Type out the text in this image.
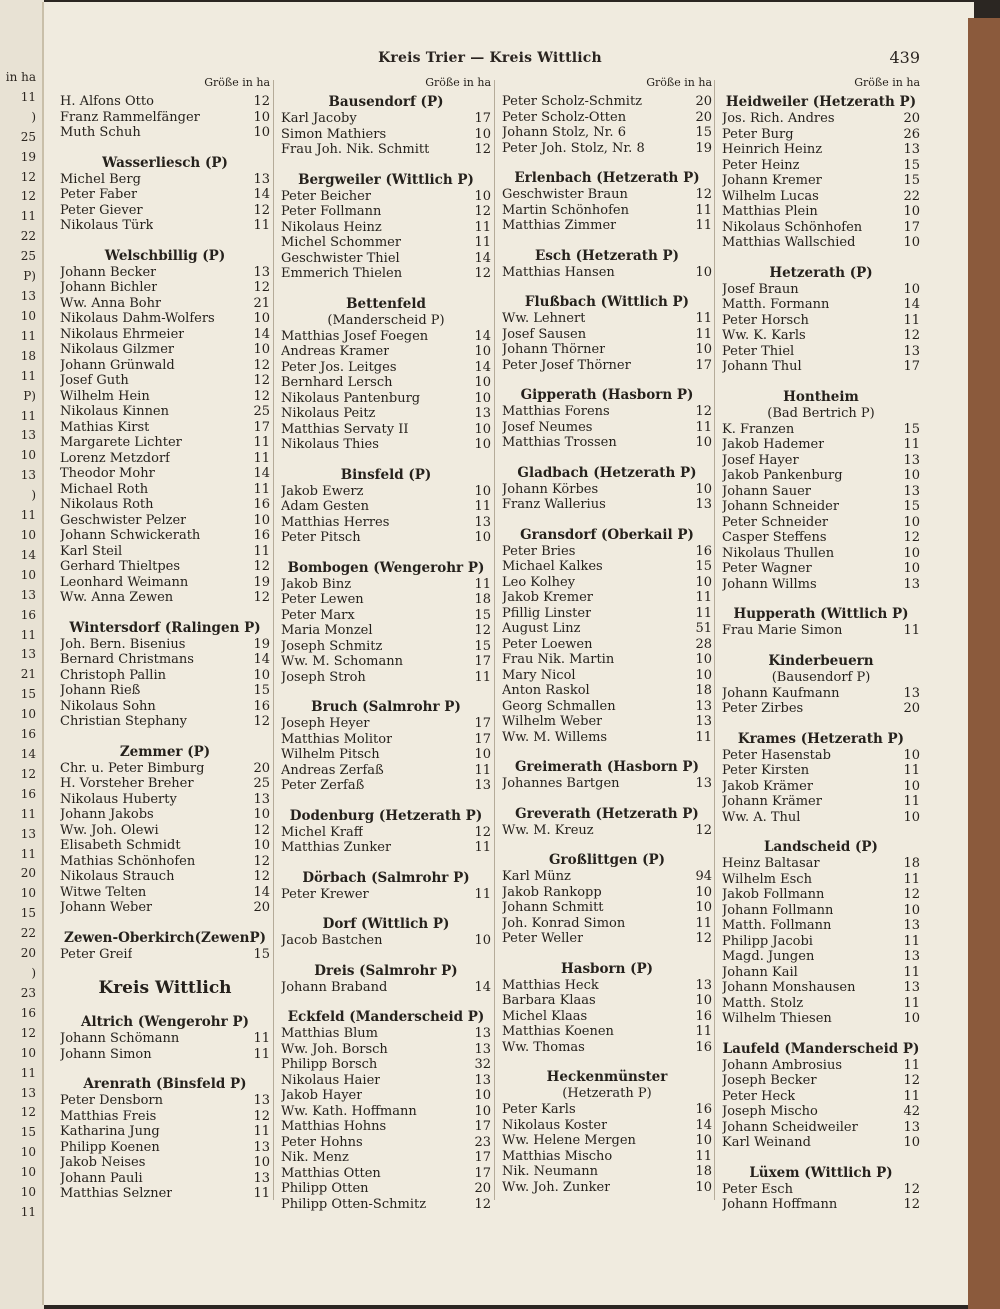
in ha
11
)
25
19
12
12
11
22
25
P)
13
10
11
18
11
P)
11
13
10
13
)
11
10
14
10
13
16
11
13
21
15
10
16
14
12
16
11
13
11
20
10
15
22
20
)
23
16
12
10
11
13
12
15
10
10
10
11
Kreis Trier — Kreis Wittlich	439
Größe in ha
H. Alfons Otto	12
Franz Rammelfänger	10
Muth Schuh	10
Wasserliesch (P)
Michel Berg	13
Peter Faber	14
Peter Giever	12
Nikolaus Türk	11
Welschbillig (P)
Johann Becker	13
Johann Bichler	12
Ww. Anna Bohr	21
Nikolaus Dahm-Wolfers	10
Nikolaus Ehrmeier	14
Nikolaus Gilzmer	10
Johann Grünwald	12
Josef Guth	12
Wilhelm Hein	12
Nikolaus Kinnen	25
Mathias Kirst	17
Margarete Lichter	11
Lorenz Metzdorf	11
Theodor Mohr	14
Michael Roth	11
Nikolaus Roth	16
Geschwister Pelzer	10
Johann Schwickerath	16
Karl Steil	11
Gerhard Thieltpes	12
Leonhard Weimann	19
Ww. Anna Zewen	12
Wintersdorf (Ralingen P)
Joh. Bern. Bisenius	19
Bernard Christmans	14
Christoph Pallin	10
Johann Rieß	15
Nikolaus Sohn	16
Christian Stephany	12
Zemmer (P)
Chr. u. Peter Bimburg	20
H. Vorsteher Breher	25
Nikolaus Huberty	13
Johann Jakobs	10
Ww. Joh. Olewi	12
Elisabeth Schmidt	10
Mathias Schönhofen	12
Nikolaus Strauch	12
Witwe Telten	14
Johann Weber	20
Zewen-Oberkirch(ZewenP)
Peter Greif	15
Kreis Wittlich
Altrich (Wengerohr P)
Johann Schömann	11
Johann Simon	11
Arenrath (Binsfeld P)
Peter Densborn	13
Matthias Freis	12
Katharina Jung	11
Philipp Koenen	13
Jakob Neises	10
Johann Pauli	13
Matthias Selzner	11
Größe in ha
Bausendorf (P)
Karl Jacoby	17
Simon Mathiers	10
Frau Joh. Nik. Schmitt	12
Bergweiler (Wittlich P)
Peter Beicher	10
Peter Follmann	12
Nikolaus Heinz	11
Michel Schommer	11
Geschwister Thiel	14
Emmerich Thielen	12
Bettenfeld
(Manderscheid P)
Matthias Josef Foegen	14
Andreas Kramer	10
Peter Jos. Leitges	14
Bernhard Lersch	10
Nikolaus Pantenburg	10
Nikolaus Peitz	13
Matthias Servaty II	10
Nikolaus Thies	10
Binsfeld (P)
Jakob Ewerz	10
Adam Gesten	11
Matthias Herres	13
Peter Pitsch	10
Bombogen (Wengerohr P)
Jakob Binz	11
Peter Lewen	18
Peter Marx	15
Maria Monzel	12
Joseph Schmitz	15
Ww. M. Schomann	17
Joseph Stroh	11
Bruch (Salmrohr P)
Joseph Heyer	17
Matthias Molitor	17
Wilhelm Pitsch	10
Andreas Zerfaß	11
Peter Zerfaß	13
Dodenburg (Hetzerath P)
Michel Kraff	12
Matthias Zunker	11
Dörbach (Salmrohr P)
Peter Krewer	11
Dorf (Wittlich P)
Jacob Bastchen	10
Dreis (Salmrohr P)
Johann Braband	14
Eckfeld (Manderscheid P)
Matthias Blum	13
Ww. Joh. Borsch	13
Philipp Borsch	32
Nikolaus Haier	13
Jakob Hayer	10
Ww. Kath. Hoffmann	10
Matthias Hohns	17
Peter Hohns	23
Nik. Menz	17
Matthias Otten	17
Philipp Otten	20
Philipp Otten-Schmitz	12
Größe in ha
Peter Scholz-Schmitz	20
Peter Scholz-Otten	20
Johann Stolz, Nr. 6	15
Peter Joh. Stolz, Nr. 8	19
Erlenbach (Hetzerath P)
Geschwister Braun	12
Martin Schönhofen	11
Matthias Zimmer	11
Esch (Hetzerath P)
Matthias Hansen	10
Flußbach (Wittlich P)
Ww. Lehnert	11
Josef Sausen	11
Johann Thörner	10
Peter Josef Thörner	17
Gipperath (Hasborn P)
Matthias Forens	12
Josef Neumes	11
Matthias Trossen	10
Gladbach (Hetzerath P)
Johann Körbes	10
Franz Wallerius	13
Gransdorf (Oberkail P)
Peter Bries	16
Michael Kalkes	15
Leo Kolhey	10
Jakob Kremer	11
Pfillig Linster	11
August Linz	51
Peter Loewen	28
Frau Nik. Martin	10
Mary Nicol	10
Anton Raskol	18
Georg Schmallen	13
Wilhelm Weber	13
Ww. M. Willems	11
Greimerath (Hasborn P)
Johannes Bartgen	13
Greverath (Hetzerath P)
Ww. M. Kreuz	12
Großlittgen (P)
Karl Münz	94
Jakob Rankopp	10
Johann Schmitt	10
Joh. Konrad Simon	11
Peter Weller	12
Hasborn (P)
Matthias Heck	13
Barbara Klaas	10
Michel Klaas	16
Matthias Koenen	11
Ww. Thomas	16
Heckenmünster
(Hetzerath P)
Peter Karls	16
Nikolaus Koster	14
Ww. Helene Mergen	10
Matthias Mischo	11
Nik. Neumann	18
Ww. Joh. Zunker	10
Größe in ha
Heidweiler (Hetzerath P)
Jos. Rich. Andres	20
Peter Burg	26
Heinrich Heinz	13
Peter Heinz	15
Johann Kremer	15
Wilhelm Lucas	22
Matthias Plein	10
Nikolaus Schönhofen	17
Matthias Wallschied	10
Hetzerath (P)
Josef Braun	10
Matth. Formann	14
Peter Horsch	11
Ww. K. Karls	12
Peter Thiel	13
Johann Thul	17
Hontheim
(Bad Bertrich P)
K. Franzen	15
Jakob Hademer	11
Josef Hayer	13
Jakob Pankenburg	10
Johann Sauer	13
Johann Schneider	15
Peter Schneider	10
Casper Steffens	12
Nikolaus Thullen	10
Peter Wagner	10
Johann Willms	13
Hupperath (Wittlich P)
Frau Marie Simon	11
Kinderbeuern
(Bausendorf P)
Johann Kaufmann	13
Peter Zirbes	20
Krames (Hetzerath P)
Peter Hasenstab	10
Peter Kirsten	11
Jakob Krämer	10
Johann Krämer	11
Ww. A. Thul	10
Landscheid (P)
Heinz Baltasar	18
Wilhelm Esch	11
Jakob Follmann	12
Johann Follmann	10
Matth. Follmann	13
Philipp Jacobi	11
Magd. Jungen	13
Johann Kail	11
Johann Monshausen	13
Matth. Stolz	11
Wilhelm Thiesen	10
Laufeld (Manderscheid P)
Johann Ambrosius	11
Joseph Becker	12
Peter Heck	11
Joseph Mischo	42
Johann Scheidweiler	13
Karl Weinand	10
Lüxem (Wittlich P)
Peter Esch	12
Johann Hoffmann	12
